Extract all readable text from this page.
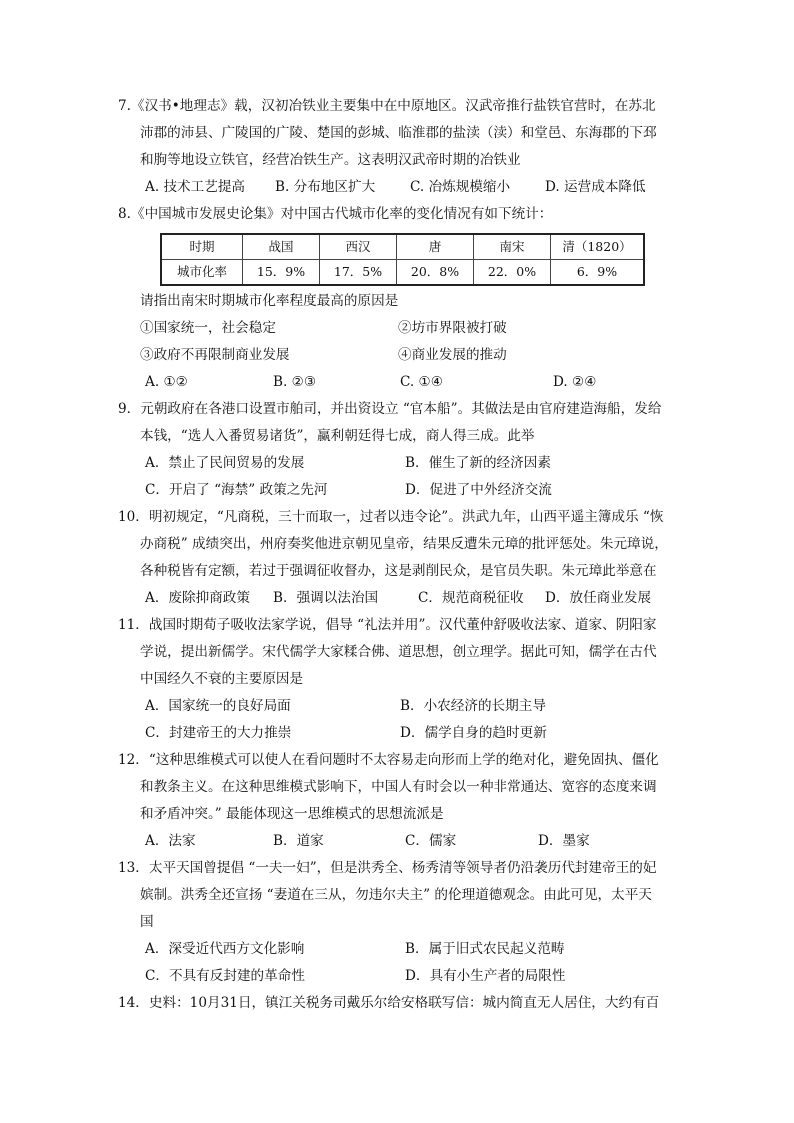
7.《汉书•地理志》载，汉初冶铁业主要集中在中原地区。汉武帝推行盐铁官营时，在苏北
沛郡的沛县、广陵国的广陵、楚国的彭城、临淮郡的盐渎（渎）和堂邑、东海郡的下邳
和朐等地设立铁官，经营冶铁生产。这表明汉武帝时期的冶铁业
A. 技术工艺提高 B. 分布地区扩大	C. 冶炼规模缩小	D. 运营成本降低
8.《中国城市发展史论集》对中国古代城市化率的变化情况有如下统计：
时期	战国	西汉	唐	南宋	清（1820）
城市化率	15．9%	17．5%	20．8%	22．0%	6．9%
请指出南宋时期城市化率程度最高的原因是
①国家统一，社会稳定	②坊市界限被打破
③政府不再限制商业发展	④商业发展的推动
A. ①②	B. ②③	C. ①④	D. ②④
9．元朝政府在各港口设置市舶司，并出资设立 “官本船”。其做法是由官府建造海船，发给
本钱，“选人入番贸易诸货”，赢利朝廷得七成，商人得三成。此举
A．禁止了民间贸易的发展	B．催生了新的经济因素
C．开启了 “海禁” 政策之先河	D．促进了中外经济交流
10．明初规定，“凡商税，三十而取一，过者以违令论”。洪武九年，山西平遥主簿成乐 “恢
办商税” 成绩突出，州府奏奖他进京朝见皇帝，结果反遭朱元璋的批评惩处。朱元璋说，
各种税皆有定额，若过于强调征收督办，这是剥削民众，是官员失职。朱元璋此举意在
A．废除抑商政策 B．强调以法治国	C．规范商税征收 D．放任商业发展
11．战国时期荀子吸收法家学说，倡导 “礼法并用”。汉代董仲舒吸收法家、道家、阴阳家
学说，提出新儒学。宋代儒学大家糅合佛、道思想，创立理学。据此可知，儒学在古代
中国经久不衰的主要原因是
A．国家统一的良好局面	B．小农经济的长期主导
C．封建帝王的大力推崇	D．儒学自身的趋时更新
12．“这种思维模式可以使人在看问题时不太容易走向形而上学的绝对化，避免固执、僵化
和教条主义。在这种思维模式影响下，中国人有时会以一种非常通达、宽容的态度来调
和矛盾冲突。” 最能体现这一思维模式的思想流派是
A．法家	B．道家	C．儒家	D．墨家
13．太平天国曾提倡 “一夫一妇”，但是洪秀全、杨秀清等领导者仍沿袭历代封建帝王的妃
嫔制。洪秀全还宣扬 “妻道在三从，勿违尔夫主” 的伦理道德观念。由此可见，太平天
国
A．深受近代西方文化影响	B．属于旧式农民起义范畴
C．不具有反封建的革命性	D．具有小生产者的局限性
14．史料：10月31日，镇江关税务司戴乐尔给安格联写信：城内简直无人居住，大约有百
